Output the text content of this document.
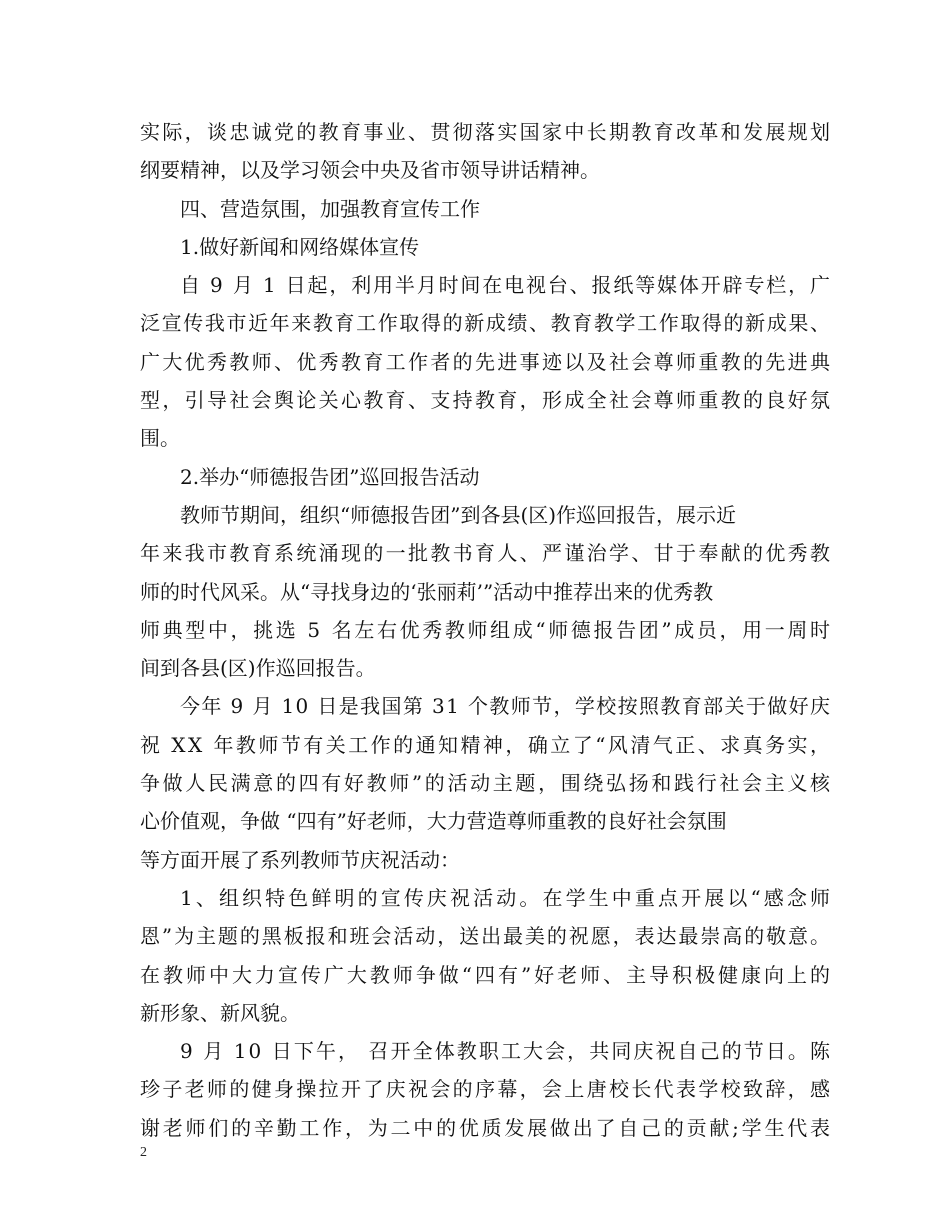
实际，谈忠诚党的教育事业、贯彻落实国家中长期教育改革和发展规划
纲要精神，以及学习领会中央及省市领导讲话精神。
四、营造氛围，加强教育宣传工作
1.做好新闻和网络媒体宣传
自 9 月 1 日起，利用半月时间在电视台、报纸等媒体开辟专栏，广
泛宣传我市近年来教育工作取得的新成绩、教育教学工作取得的新成果、
广大优秀教师、优秀教育工作者的先进事迹以及社会尊师重教的先进典
型，引导社会舆论关心教育、支持教育，形成全社会尊师重教的良好氛
围。
2.举办“师德报告团”巡回报告活动
教师节期间，组织“师德报告团”到各县(区)作巡回报告，展示近
年来我市教育系统涌现的一批教书育人、严谨治学、甘于奉献的优秀教
师的时代风采。从“寻找身边的‘张丽莉’”活动中推荐出来的优秀教
师典型中，挑选 5 名左右优秀教师组成“师德报告团”成员，用一周时
间到各县(区)作巡回报告。
今年 9 月 10 日是我国第 31 个教师节，学校按照教育部关于做好庆
祝 XX 年教师节有关工作的通知精神，确立了“风清气正、求真务实，
争做人民满意的四有好教师”的活动主题，围绕弘扬和践行社会主义核
心价值观，争做 “四有”好老师，大力营造尊师重教的良好社会氛围
等方面开展了系列教师节庆祝活动：
1、组织特色鲜明的宣传庆祝活动。在学生中重点开展以“感念师
恩”为主题的黑板报和班会活动，送出最美的祝愿，表达最崇高的敬意。
在教师中大力宣传广大教师争做“四有”好老师、主导积极健康向上的
新形象、新风貌。
9 月 10 日下午， 召开全体教职工大会，共同庆祝自己的节日。陈
珍子老师的健身操拉开了庆祝会的序幕，会上唐校长代表学校致辞，感
谢老师们的辛勤工作，为二中的优质发展做出了自己的贡献;学生代表
2
